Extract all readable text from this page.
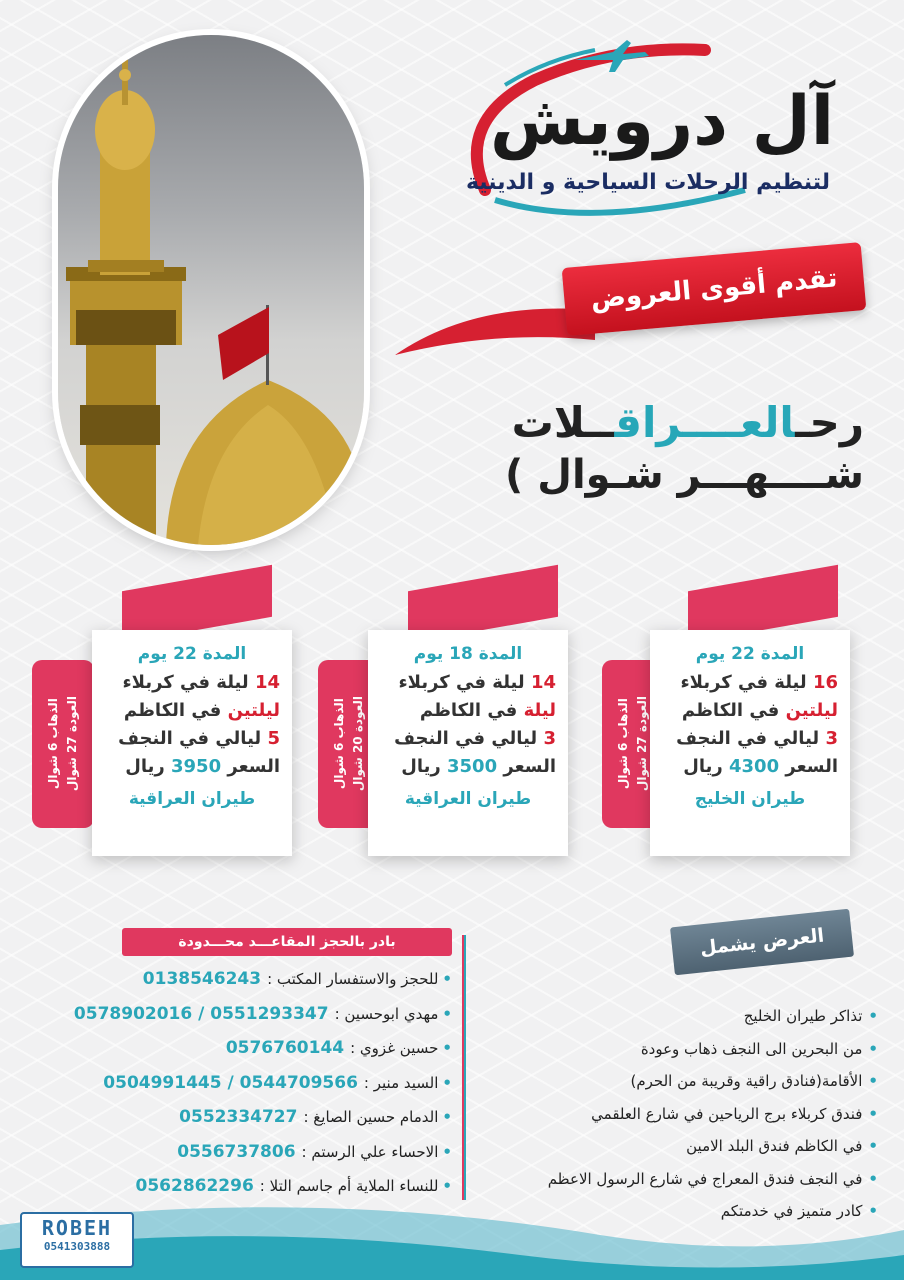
آل درويش
لتنظيم الرحلات السياحية و الدينية
تقدم أقوى العروض
رحـالعــــراقــلات
شــــهـــر شـوال )
الذهاب 6 شوال
العودة 27 شوال
المدة 22 يوم
16 ليلة في كربلاء
ليلتين في الكاظم
3 ليالي في النجف
السعر 4300 ريال
طيران الخليج
الذهاب 6 شوال
العودة 20 شوال
المدة 18 يوم
14 ليلة في كربلاء
ليلة في الكاظم
3 ليالي في النجف
السعر 3500 ريال
طيران العراقية
الذهاب 6 شوال
العودة 27 شوال
المدة 22 يوم
14 ليلة في كربلاء
ليلتين في الكاظم
5 ليالي في النجف
السعر 3950 ريال
طيران العراقية
العرض يشمل
• تذاكر طيران الخليج
• من البحرين الى النجف ذهاب وعودة
• الأقامة(فنادق راقية وقريبة من الحرم)
• فندق كربلاء برج الرياحين في شارع العلقمي
• في الكاظم فندق البلد الامين
• في النجف فندق المعراج في شارع الرسول الاعظم
• كادر متميز في خدمتكم
بادر بالحجز المقاعـــد محـــدودة
• للحجز والاستفسار المكتب :0138546243
• مهدي ابوحسين :0551293347 / 0578902016
• حسين غزوي :0576760144
• السيد منير :0544709566 / 0504991445
• الدمام حسين الصايغ :0552334727
• الاحساء علي الرستم :0556737806
• للنساء الملاية أم جاسم التلا :0562862296
ROBEH
0541303888
